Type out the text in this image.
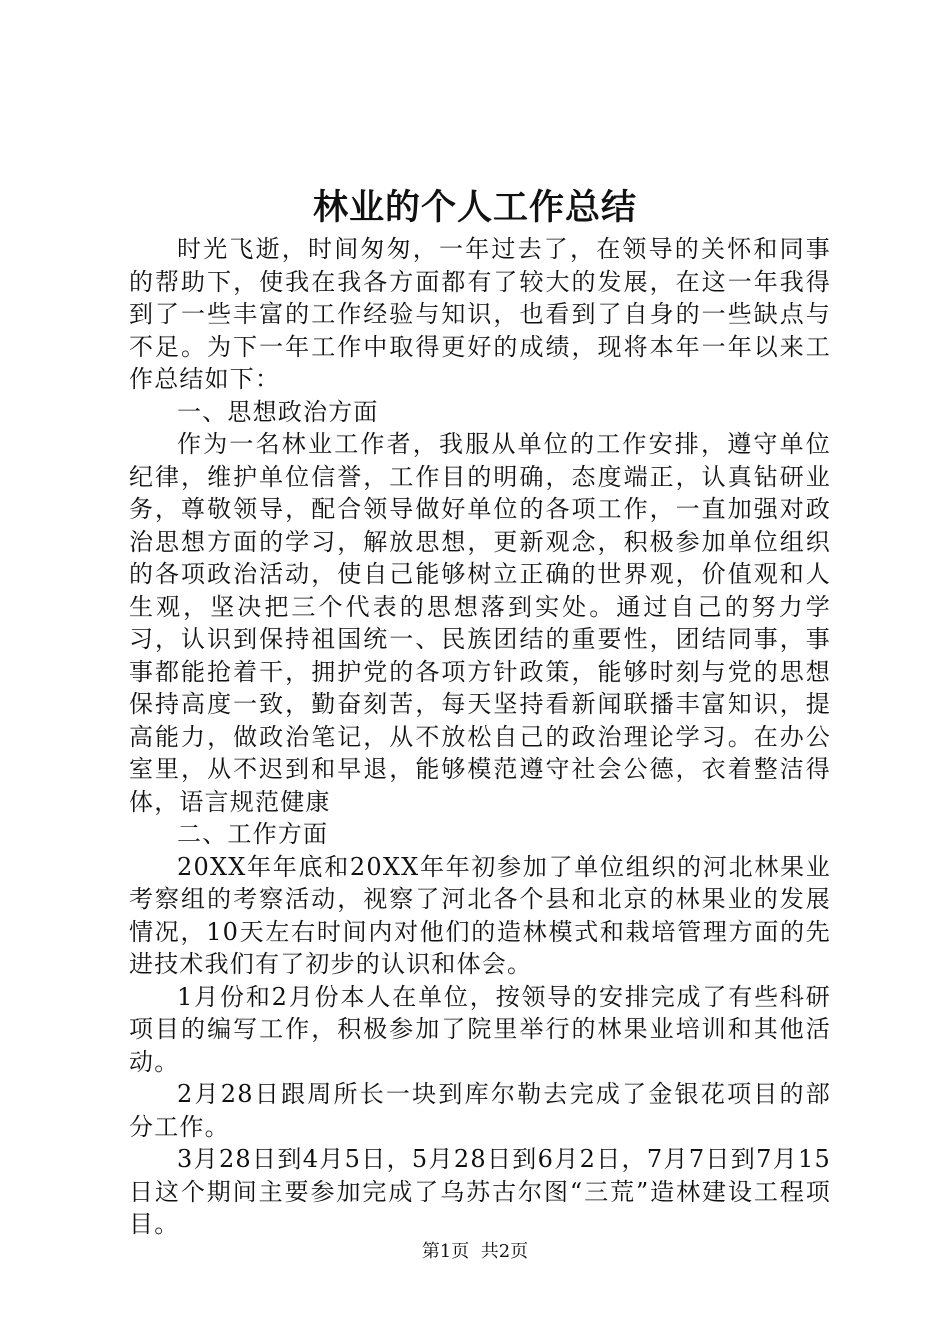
林业的个人工作总结

时光飞逝，时间匆匆，一年过去了，在领导的关怀和同事的帮助下，使我在我各方面都有了较大的发展，在这一年我得到了一些丰富的工作经验与知识，也看到了自身的一些缺点与不足。为下一年工作中取得更好的成绩，现将本年一年以来工作总结如下：

一、思想政治方面

作为一名林业工作者，我服从单位的工作安排，遵守单位纪律，维护单位信誉，工作目的明确，态度端正，认真钻研业务，尊敬领导，配合领导做好单位的各项工作，一直加强对政治思想方面的学习，解放思想，更新观念，积极参加单位组织的各项政治活动，使自己能够树立正确的世界观，价值观和人生观，坚决把三个代表的思想落到实处。通过自己的努力学习，认识到保持祖国统一、民族团结的重要性，团结同事，事事都能抢着干，拥护党的各项方针政策，能够时刻与党的思想保持高度一致，勤奋刻苦，每天坚持看新闻联播丰富知识，提高能力，做政治笔记，从不放松自己的政治理论学习。在办公室里，从不迟到和早退，能够模范遵守社会公德，衣着整洁得体，语言规范健康

二、工作方面

20XX年年底和20XX年年初参加了单位组织的河北林果业考察组的考察活动，视察了河北各个县和北京的林果业的发展情况，10天左右时间内对他们的造林模式和栽培管理方面的先进技术我们有了初步的认识和体会。

1月份和2月份本人在单位，按领导的安排完成了有些科研项目的编写工作，积极参加了院里举行的林果业培训和其他活动。

2月28日跟周所长一块到库尔勒去完成了金银花项目的部分工作。

3月28日到4月5日，5月28日到6月2日，7月7日到7月15日这个期间主要参加完成了乌苏古尔图“三荒”造林建设工程项目。

第1页  共2页
